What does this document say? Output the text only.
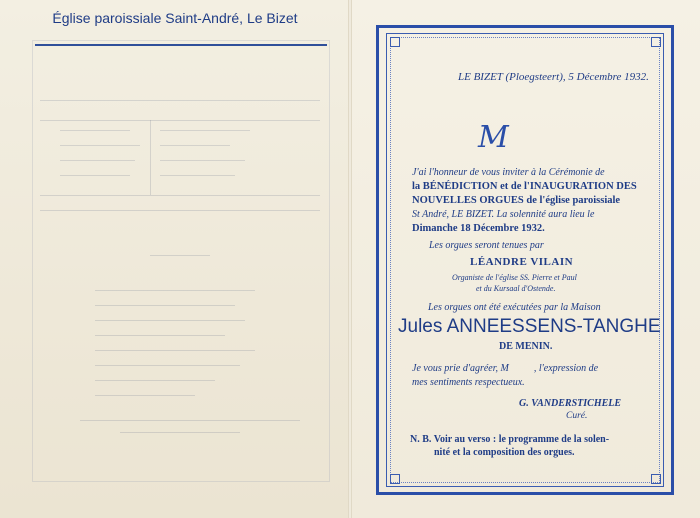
Église paroissiale Saint-André, Le Bizet
LE BIZET (Ploegsteert), 5 Décembre 1932.
M
J'ai l'honneur de vous inviter à la Cérémonie de
la BÉNÉDICTION et de l'INAUGURATION DES
NOUVELLES ORGUES de l'église paroissiale
St André, LE BIZET. La solennité aura lieu le
Dimanche 18 Décembre 1932.
Les orgues seront tenues par
LÉANDRE VILAIN
Organiste de l'église SS. Pierre et Paul
et du Kursaal d'Ostende.
Les orgues ont été exécutées par la Maison
Jules ANNEESSENS-TANGHE
DE MENIN.
Je vous prie d'agréer, M          , l'expression de
mes sentiments respectueux.
G. VANDERSTICHELE
Curé.
N. B. Voir au verso : le programme de la solen-
nité et la composition des orgues.
